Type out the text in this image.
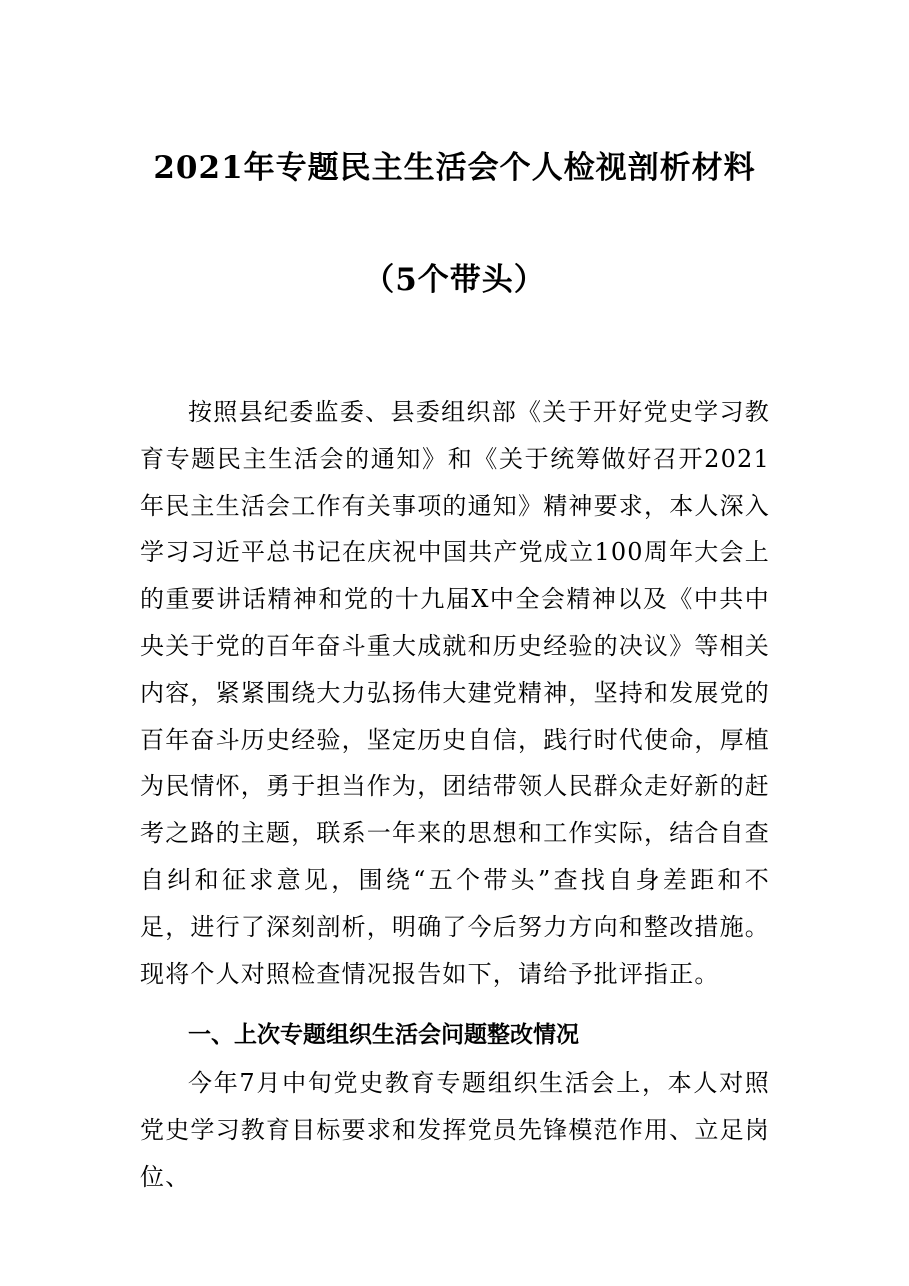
2021年专题民主生活会个人检视剖析材料
（5个带头）

按照县纪委监委、县委组织部《关于开好党史学习教育专题民主生活会的通知》和《关于统筹做好召开2021年民主生活会工作有关事项的通知》精神要求，本人深入学习习近平总书记在庆祝中国共产党成立100周年大会上的重要讲话精神和党的十九届X中全会精神以及《中共中央关于党的百年奋斗重大成就和历史经验的决议》等相关内容，紧紧围绕大力弘扬伟大建党精神，坚持和发展党的百年奋斗历史经验，坚定历史自信，践行时代使命，厚植为民情怀，勇于担当作为，团结带领人民群众走好新的赶考之路的主题，联系一年来的思想和工作实际，结合自查自纠和征求意见，围绕“五个带头”查找自身差距和不足，进行了深刻剖析，明确了今后努力方向和整改措施。现将个人对照检查情况报告如下，请给予批评指正。

一、上次专题组织生活会问题整改情况

今年7月中旬党史教育专题组织生活会上，本人对照党史学习教育目标要求和发挥党员先锋模范作用、立足岗位、
